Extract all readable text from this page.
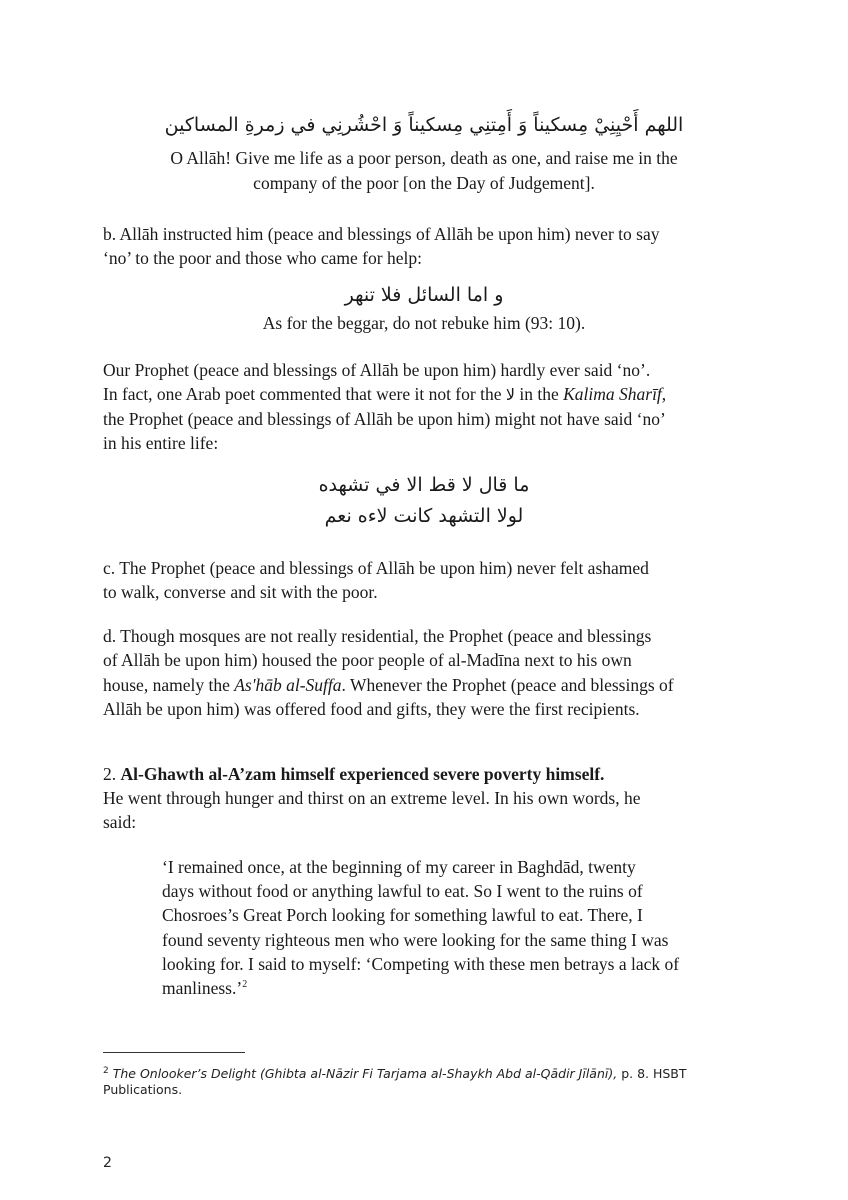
اللهم أَحْيِنِيْ مِسكيناً وَ أَمِتنِي مِسكيناً وَ احْشُرنِي في زمرةِ المساكين
O Allāh! Give me life as a poor person, death as one, and raise me in the
company of the poor [on the Day of Judgement].
b. Allāh instructed him (peace and blessings of Allāh be upon him) never to say
‘no’ to the poor and those who came for help:
و اما السائل فلا تنهر
As for the beggar, do not rebuke him (93: 10).
Our Prophet (peace and blessings of Allāh be upon him) hardly ever said ‘no’.
In fact, one Arab poet commented that were it not for the لا in the Kalima Sharīf,
the Prophet (peace and blessings of Allāh be upon him) might not have said ‘no’
in his entire life:
ما قال لا قط الا في تشهده
لولا التشهد كانت لاءه نعم
c. The Prophet (peace and blessings of Allāh be upon him) never felt ashamed
to walk, converse and sit with the poor.
d. Though mosques are not really residential, the Prophet (peace and blessings
of Allāh be upon him) housed the poor people of al-Madīna next to his own
house, namely the As'hāb al-Suffa. Whenever the Prophet (peace and blessings of
Allāh be upon him) was offered food and gifts, they were the first recipients.
2. Al-Ghawth al-A’zam himself experienced severe poverty himself.
He went through hunger and thirst on an extreme level. In his own words, he
said:
‘I remained once, at the beginning of my career in Baghdād, twenty
days without food or anything lawful to eat. So I went to the ruins of
Chosroes’s Great Porch looking for something lawful to eat. There, I
found seventy righteous men who were looking for the same thing I was
looking for. I said to myself: ‘Competing with these men betrays a lack of
manliness.’$^2$
$^2$ The Onlooker’s Delight (Ghibta al-Nāzir Fi Tarjama al-Shaykh Abd al-Qādir Jīlānī), p. 8. HSBT
Publications.
2
